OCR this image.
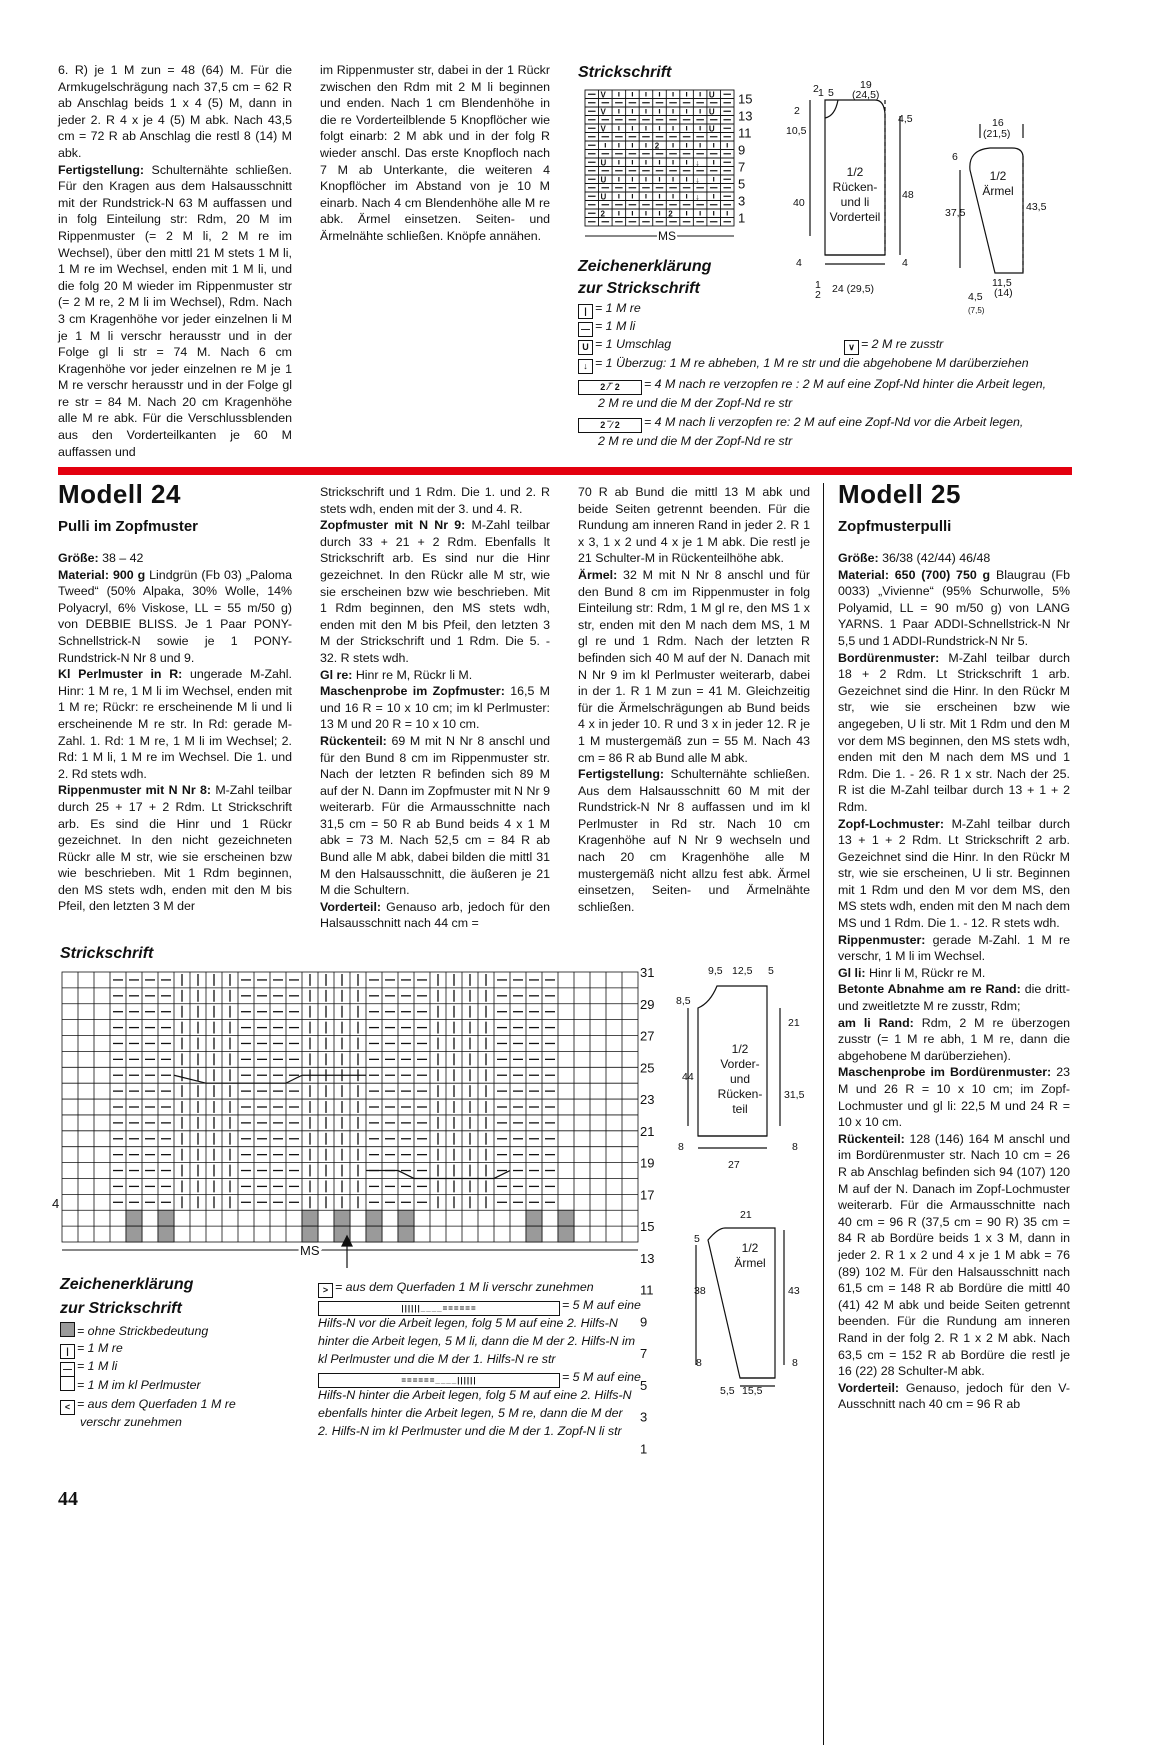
6. R) je 1 M zun = 48 (64) M. Für die Armkugelschrägung nach 37,5 cm = 62 R ab Anschlag beids 1 x 4 (5) M, dann in jeder 2. R 4 x je 4 (5) M abk. Nach 43,5 cm = 72 R ab Anschlag die restl 8 (14) M abk.

Fertigstellung: Schulternähte schließen. Für den Kragen aus dem Halsausschnitt mit der Rundstrick-N 63 M auffassen und in folg Einteilung str: Rdm, 20 M im Rippenmuster (= 2 M li, 2 M re im Wechsel), über den mittl 21 M stets 1 M li, 1 M re im Wechsel, enden mit 1 M li, und die folg 20 M wieder im Rippenmuster str (= 2 M re, 2 M li im Wechsel), Rdm. Nach 3 cm Kragenhöhe vor jeder einzelnen li M je 1 M li verschr herausstr und in der Folge gl li str = 74 M. Nach 6 cm Kragenhöhe vor jeder einzelnen re M je 1 M re verschr herausstr und in der Folge gl re str = 84 M. Nach 20 cm Kragenhöhe alle M re abk. Für die Verschlussblenden aus den Vorderteilkanten je 60 M auffassen und

im Rippenmuster str, dabei in der 1 Rückr zwischen den Rdm mit 2 M li beginnen und enden. Nach 1 cm Blendenhöhe in die re Vorderteilblende 5 Knopflöcher wie folgt einarb: 2 M abk und in der folg R wieder anschl. Das erste Knopfloch nach 7 M ab Unterkante, die weiteren 4 Knopflöcher im Abstand von je 10 M einarb. Nach 4 cm Blendenhöhe alle M re abk. Ärmel einsetzen. Seiten- und Ärmelnähte schließen. Knöpfe annähen.

Strickschrift
V	U
V	U
V	U
2
U	↓
U	↓
U	↓
2	2
15
13
11
9
7
5
3
1
MS
2 1 5
19
(24,5)
2
10,5
4,5
40
48
4	4
1
2 24 (29,5)
1/2
Rücken-
und li
Vorderteil
16
(21,5)
6
37,5	43,5
11,5
(14)
4,5
(7,5)
1/2
Ärmel
Zeichenerklärung
zur Strickschrift
| = 1 M re
— = 1 M li
U = 1 Umschlag	∨ = 2 M re zusstr
↓ = 1 Überzug: 1 M re abheben, 1 M re str und die abgehobene M darüberziehen
2 ⁄‾ 2 = 4 M nach re verzopfen re : 2 M auf eine Zopf-Nd hinter die Arbeit legen,
2 M re und die M der Zopf-Nd re str
2 ‾⁄ 2 = 4 M nach li verzopfen re: 2 M auf eine Zopf-Nd vor die Arbeit legen,
2 M re und die M der Zopf-Nd re str
Modell 24
Pulli im Zopfmuster

Größe: 38 – 42

Material: 900 g Lindgrün (Fb 03) „Paloma Tweed“ (50% Alpaka, 30% Wolle, 14% Polyacryl, 6% Viskose, LL = 55 m/50 g) von DEBBIE BLISS. Je 1 Paar PONY-Schnellstrick-N sowie je 1 PONY-Rundstrick-N Nr 8 und 9.

Kl Perlmuster in R: ungerade M-Zahl. Hinr: 1 M re, 1 M li im Wechsel, enden mit 1 M re; Rückr: re erscheinende M li und li erscheinende M re str. In Rd: gerade M-Zahl. 1. Rd: 1 M re, 1 M li im Wechsel; 2. Rd: 1 M li, 1 M re im Wechsel. Die 1. und 2. Rd stets wdh.

Rippenmuster mit N Nr 8: M-Zahl teilbar durch 25 + 17 + 2 Rdm. Lt Strickschrift arb. Es sind die Hinr und 1 Rückr gezeichnet. In den nicht gezeichneten Rückr alle M str, wie sie erscheinen bzw wie beschrieben. Mit 1 Rdm beginnen, den MS stets wdh, enden mit den M bis Pfeil, den letzten 3 M der

Strickschrift und 1 Rdm. Die 1. und 2. R stets wdh, enden mit der 3. und 4. R.

Zopfmuster mit N Nr 9: M-Zahl teilbar durch 33 + 21 + 2 Rdm. Ebenfalls lt Strickschrift arb. Es sind nur die Hinr gezeichnet. In den Rückr alle M str, wie sie erscheinen bzw wie beschrieben. Mit 1 Rdm beginnen, den MS stets wdh, enden mit den M bis Pfeil, den letzten 3 M der Strickschrift und 1 Rdm. Die 5. - 32. R stets wdh.

Gl re: Hinr re M, Rückr li M.

Maschenprobe im Zopfmuster: 16,5 M und 16 R = 10 x 10 cm; im kl Perlmuster: 13 M und 20 R = 10 x 10 cm.

Rückenteil: 69 M mit N Nr 8 anschl und für den Bund 8 cm im Rippenmuster str. Nach der letzten R befinden sich 89 M auf der N. Dann im Zopfmuster mit N Nr 9 weiterarb. Für die Armausschnitte nach 31,5 cm = 50 R ab Bund beids 4 x 1 M abk = 73 M. Nach 52,5 cm = 84 R ab Bund alle M abk, dabei bilden die mittl 31 M den Halsausschnitt, die äußeren je 21 M die Schultern.

Vorderteil: Genauso arb, jedoch für den Halsausschnitt nach 44 cm =

70 R ab Bund die mittl 13 M abk und beide Seiten getrennt beenden. Für die Rundung am inneren Rand in jeder 2. R 1 x 3, 1 x 2 und 4 x je 1 M abk. Die restl je 21 Schulter-M in Rückenteilhöhe abk.

Ärmel: 32 M mit N Nr 8 anschl und für den Bund 8 cm im Rippenmuster in folg Einteilung str: Rdm, 1 M gl re, den MS 1 x str, enden mit den M nach dem MS, 1 M gl re und 1 Rdm. Nach der letzten R befinden sich 40 M auf der N. Danach mit N Nr 9 im kl Perlmuster weiterarb, dabei in der 1. R 1 M zun = 41 M. Gleichzeitig für die Ärmelschrägungen ab Bund beids 4 x in jeder 10. R und 3 x in jeder 12. R je 1 M mustergemäß zun = 55 M. Nach 43 cm = 86 R ab Bund alle M abk.

Fertigstellung: Schulternähte schließen. Aus dem Halsausschnitt 60 M mit der Rundstrick-N Nr 8 auffassen und im kl Perlmuster in Rd str. Nach 10 cm Kragenhöhe auf N Nr 9 wechseln und nach 20 cm Kragenhöhe alle M mustergemäß nicht allzu fest abk. Ärmel einsetzen, Seiten- und Ärmelnähte schließen.

Strickschrift
31
29
27
25
23
21
19
17
15
13
11
9
7
5
3
1
4
MS
9,5 12,5 5
8,5
21
44
31,5
8	8
27
1/2
Vorder-
und
Rücken-
teil
21
5
38	43
8	8
5,5 15,5
1/2
Ärmel
Zeichenerklärung
zur Strickschrift
= ohne Strickbedeutung
| = 1 M re
— = 1 M li
= 1 M im kl Perlmuster
< = aus dem Querfaden 1 M re
verschr zunehmen
> = aus dem Querfaden 1 M li verschr zunehmen
||||||____======	= 5 M auf eine
Hilfs-N vor die Arbeit legen, folg 5 M auf eine 2. Hilfs-N
hinter die Arbeit legen, 5 M li, dann die M der 2. Hilfs-N im
kl Perlmuster und die M der 1. Hilfs-N re str
======____||||||	= 5 M auf eine
Hilfs-N hinter die Arbeit legen, folg 5 M auf eine 2. Hilfs-N
ebenfalls hinter die Arbeit legen, 5 M re, dann die M der
2. Hilfs-N im kl Perlmuster und die M der 1. Zopf-N li str
Modell 25
Zopfmusterpulli

Größe: 36/38 (42/44) 46/48

Material: 650 (700) 750 g Blaugrau (Fb 0033) „Vivienne“ (95% Schurwolle, 5% Polyamid, LL = 90 m/50 g) von LANG YARNS. 1 Paar ADDI-Schnellstrick-N Nr 5,5 und 1 ADDI-Rundstrick-N Nr 5.

Bordürenmuster: M-Zahl teilbar durch 18 + 2 Rdm. Lt Strickschrift 1 arb. Gezeichnet sind die Hinr. In den Rückr M str, wie sie erscheinen bzw wie angegeben, U li str. Mit 1 Rdm und den M vor dem MS beginnen, den MS stets wdh, enden mit den M nach dem MS und 1 Rdm. Die 1. - 26. R 1 x str. Nach der 25. R ist die M-Zahl teilbar durch 13 + 1 + 2 Rdm.

Zopf-Lochmuster: M-Zahl teilbar durch 13 + 1 + 2 Rdm. Lt Strickschrift 2 arb. Gezeichnet sind die Hinr. In den Rückr M str, wie sie erscheinen, U li str. Beginnen mit 1 Rdm und den M vor dem MS, den MS stets wdh, enden mit den M nach dem MS und 1 Rdm. Die 1. - 12. R stets wdh.

Rippenmuster: gerade M-Zahl. 1 M re verschr, 1 M li im Wechsel.

Gl li: Hinr li M, Rückr re M.

Betonte Abnahme am re Rand: die dritt- und zweitletzte M re zusstr, Rdm;

am li Rand: Rdm, 2 M re überzogen zusstr (= 1 M re abh, 1 M re, dann die abgehobene M darüberziehen).

Maschenprobe im Bordürenmuster: 23 M und 26 R = 10 x 10 cm; im Zopf-Lochmuster und gl li: 22,5 M und 24 R = 10 x 10 cm.

Rückenteil: 128 (146) 164 M anschl und im Bordürenmuster str. Nach 10 cm = 26 R ab Anschlag befinden sich 94 (107) 120 M auf der N. Danach im Zopf-Lochmuster weiterarb. Für die Armausschnitte nach 40 cm = 96 R (37,5 cm = 90 R) 35 cm = 84 R ab Bordüre beids 1 x 3 M, dann in jeder 2. R 1 x 2 und 4 x je 1 M abk = 76 (89) 102 M. Für den Halsausschnitt nach 61,5 cm = 148 R ab Bordüre die mittl 40 (41) 42 M abk und beide Seiten getrennt beenden. Für die Rundung am inneren Rand in der folg 2. R 1 x 2 M abk. Nach 63,5 cm = 152 R ab Bordüre die restl je 16 (22) 28 Schulter-M abk.

Vorderteil: Genauso, jedoch für den V-Ausschnitt nach 40 cm = 96 R ab

44
